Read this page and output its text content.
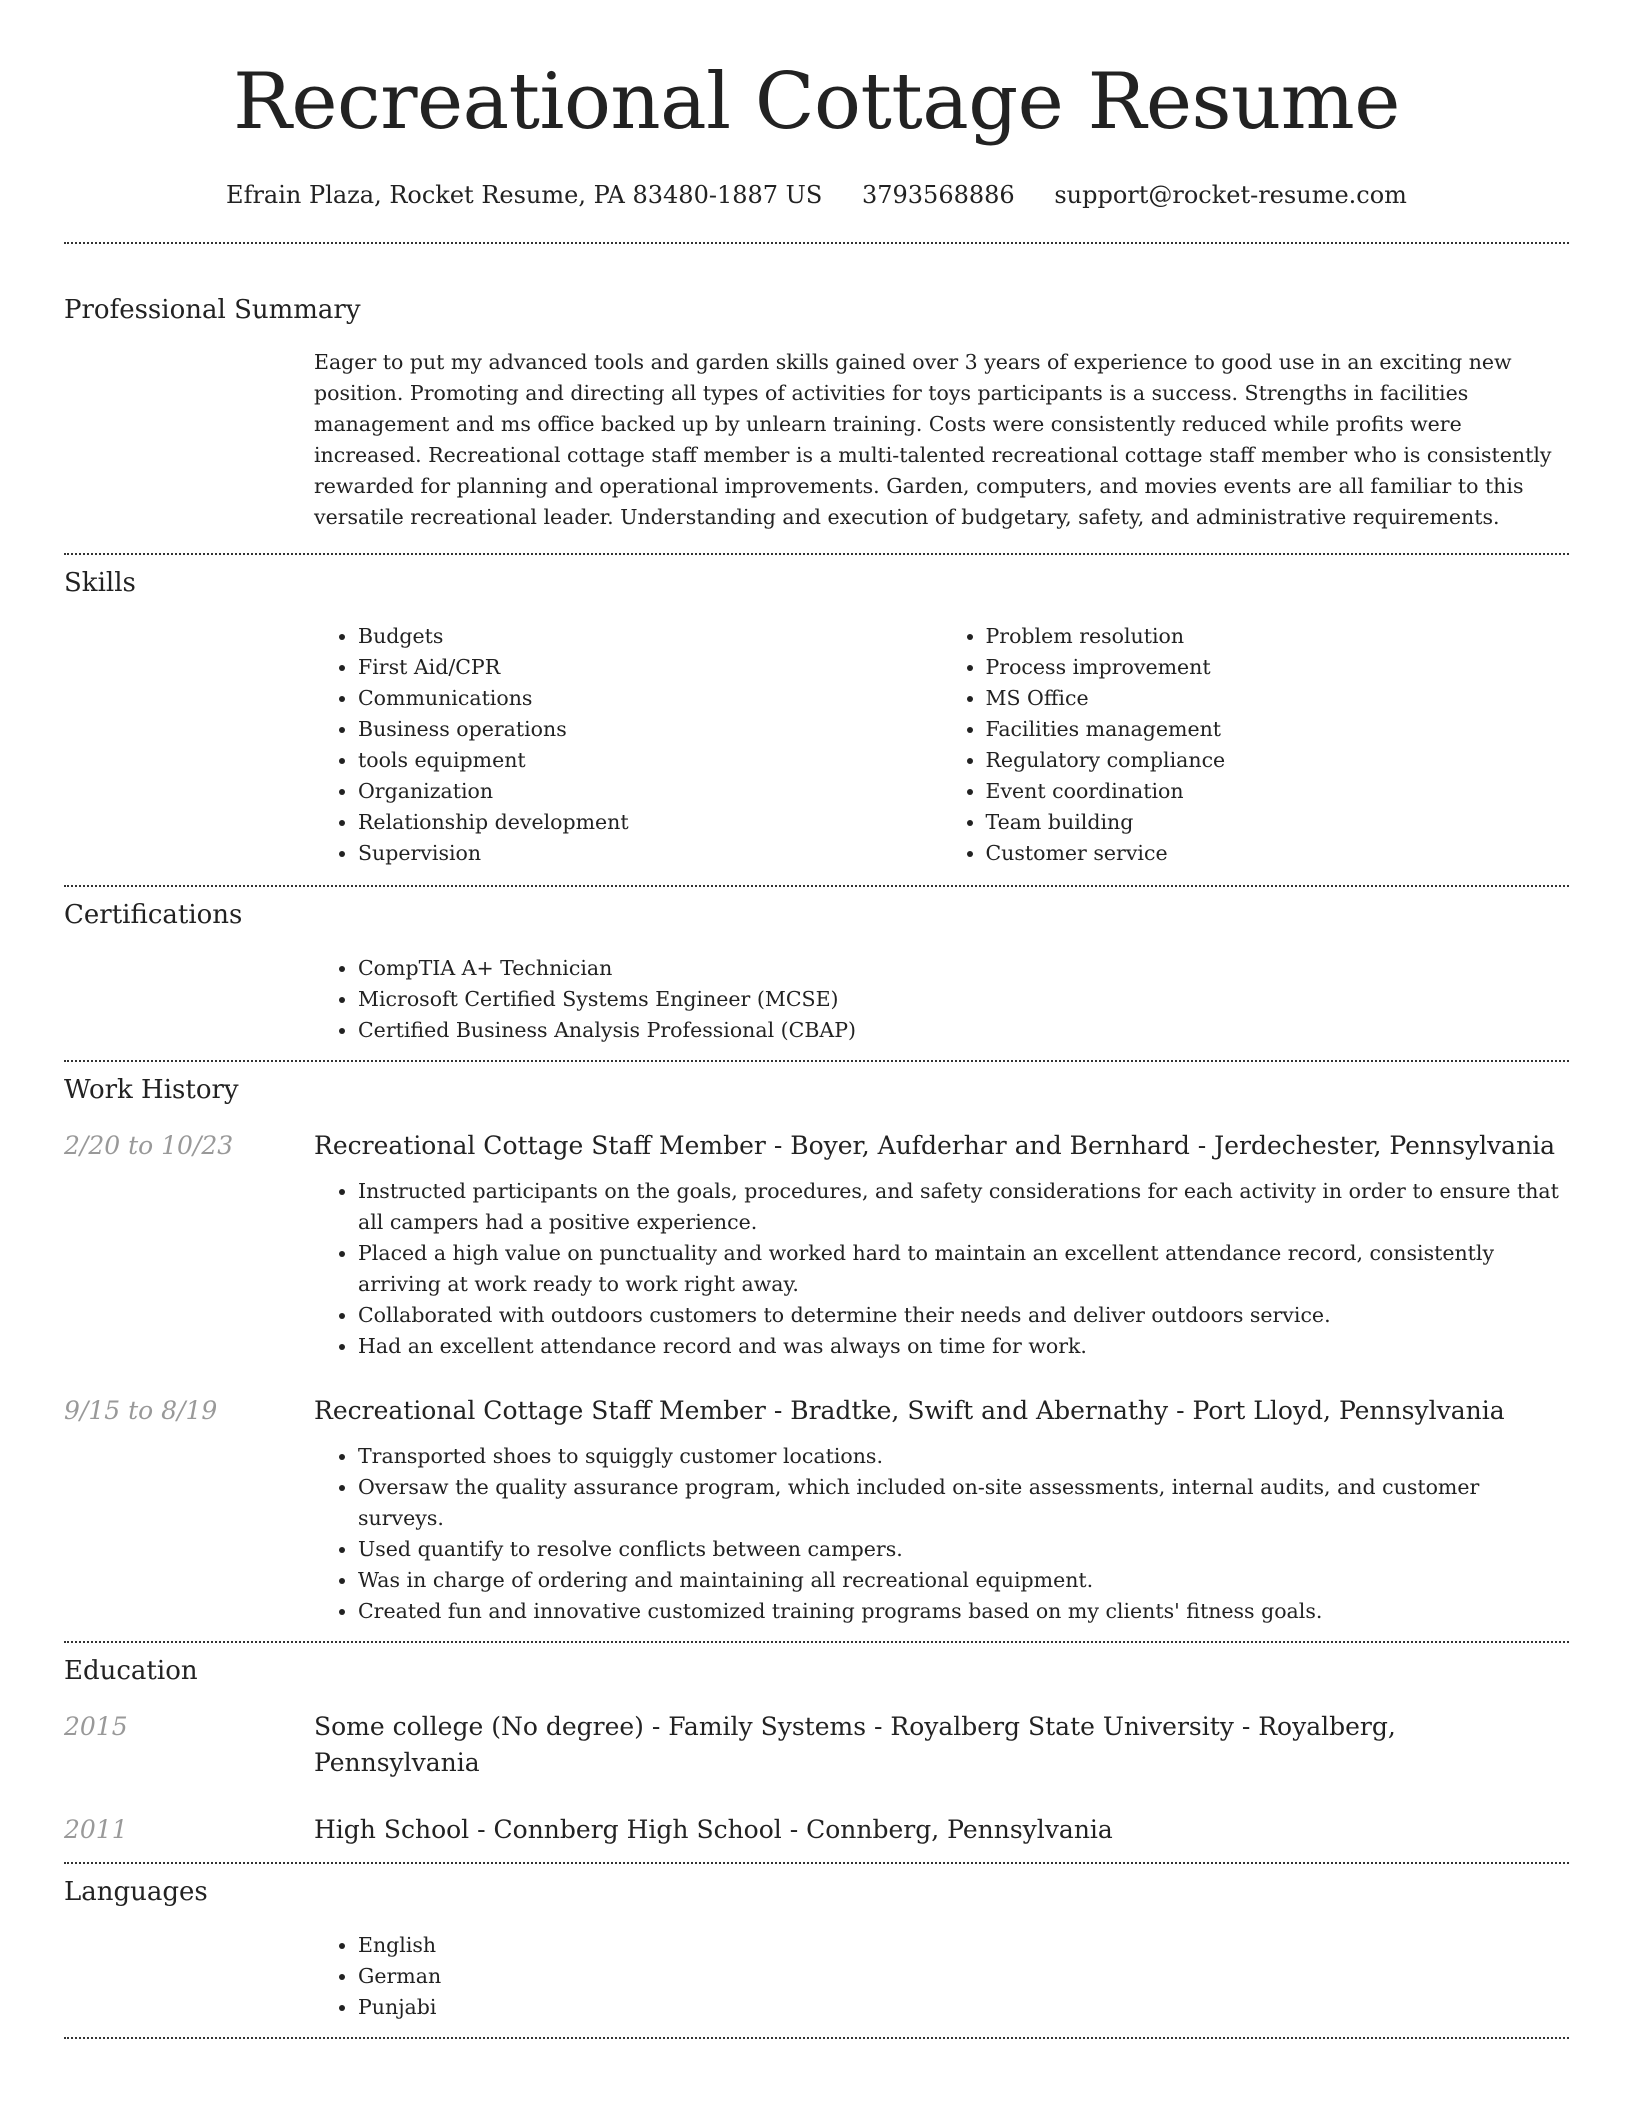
Recreational Cottage Resume
Efrain Plaza, Rocket Resume, PA 83480-1887 US 3793568886 support@rocket-resume.com
Professional Summary
Eager to put my advanced tools and garden skills gained over 3 years of experience to good use in an exciting new position. Promoting and directing all types of activities for toys participants is a success. Strengths in facilities management and ms office backed up by unlearn training. Costs were consistently reduced while profits were increased. Recreational cottage staff member is a multi-talented recreational cottage staff member who is consistently rewarded for planning and operational improvements. Garden, computers, and movies events are all familiar to this versatile recreational leader. Understanding and execution of budgetary, safety, and administrative requirements.
Skills
• Budgets
• First Aid/CPR
• Communications
• Business operations
• tools equipment
• Organization
• Relationship development
• Supervision
• Problem resolution
• Process improvement
• MS Office
• Facilities management
• Regulatory compliance
• Event coordination
• Team building
• Customer service
Certifications
• CompTIA A+ Technician
• Microsoft Certified Systems Engineer (MCSE)
• Certified Business Analysis Professional (CBAP)
Work History
2/20 to 10/23	Recreational Cottage Staff Member - Boyer, Aufderhar and Bernhard - Jerdechester, Pennsylvania
• Instructed participants on the goals, procedures, and safety considerations for each activity in order to ensure that all campers had a positive experience.
• Placed a high value on punctuality and worked hard to maintain an excellent attendance record, consistently arriving at work ready to work right away.
• Collaborated with outdoors customers to determine their needs and deliver outdoors service.
• Had an excellent attendance record and was always on time for work.
9/15 to 8/19	Recreational Cottage Staff Member - Bradtke, Swift and Abernathy - Port Lloyd, Pennsylvania
• Transported shoes to squiggly customer locations.
• Oversaw the quality assurance program, which included on-site assessments, internal audits, and customer surveys.
• Used quantify to resolve conflicts between campers.
• Was in charge of ordering and maintaining all recreational equipment.
• Created fun and innovative customized training programs based on my clients' fitness goals.
Education
2015	Some college (No degree) - Family Systems - Royalberg State University - Royalberg, Pennsylvania
2011	High School - Connberg High School - Connberg, Pennsylvania
Languages
• English
• German
• Punjabi
